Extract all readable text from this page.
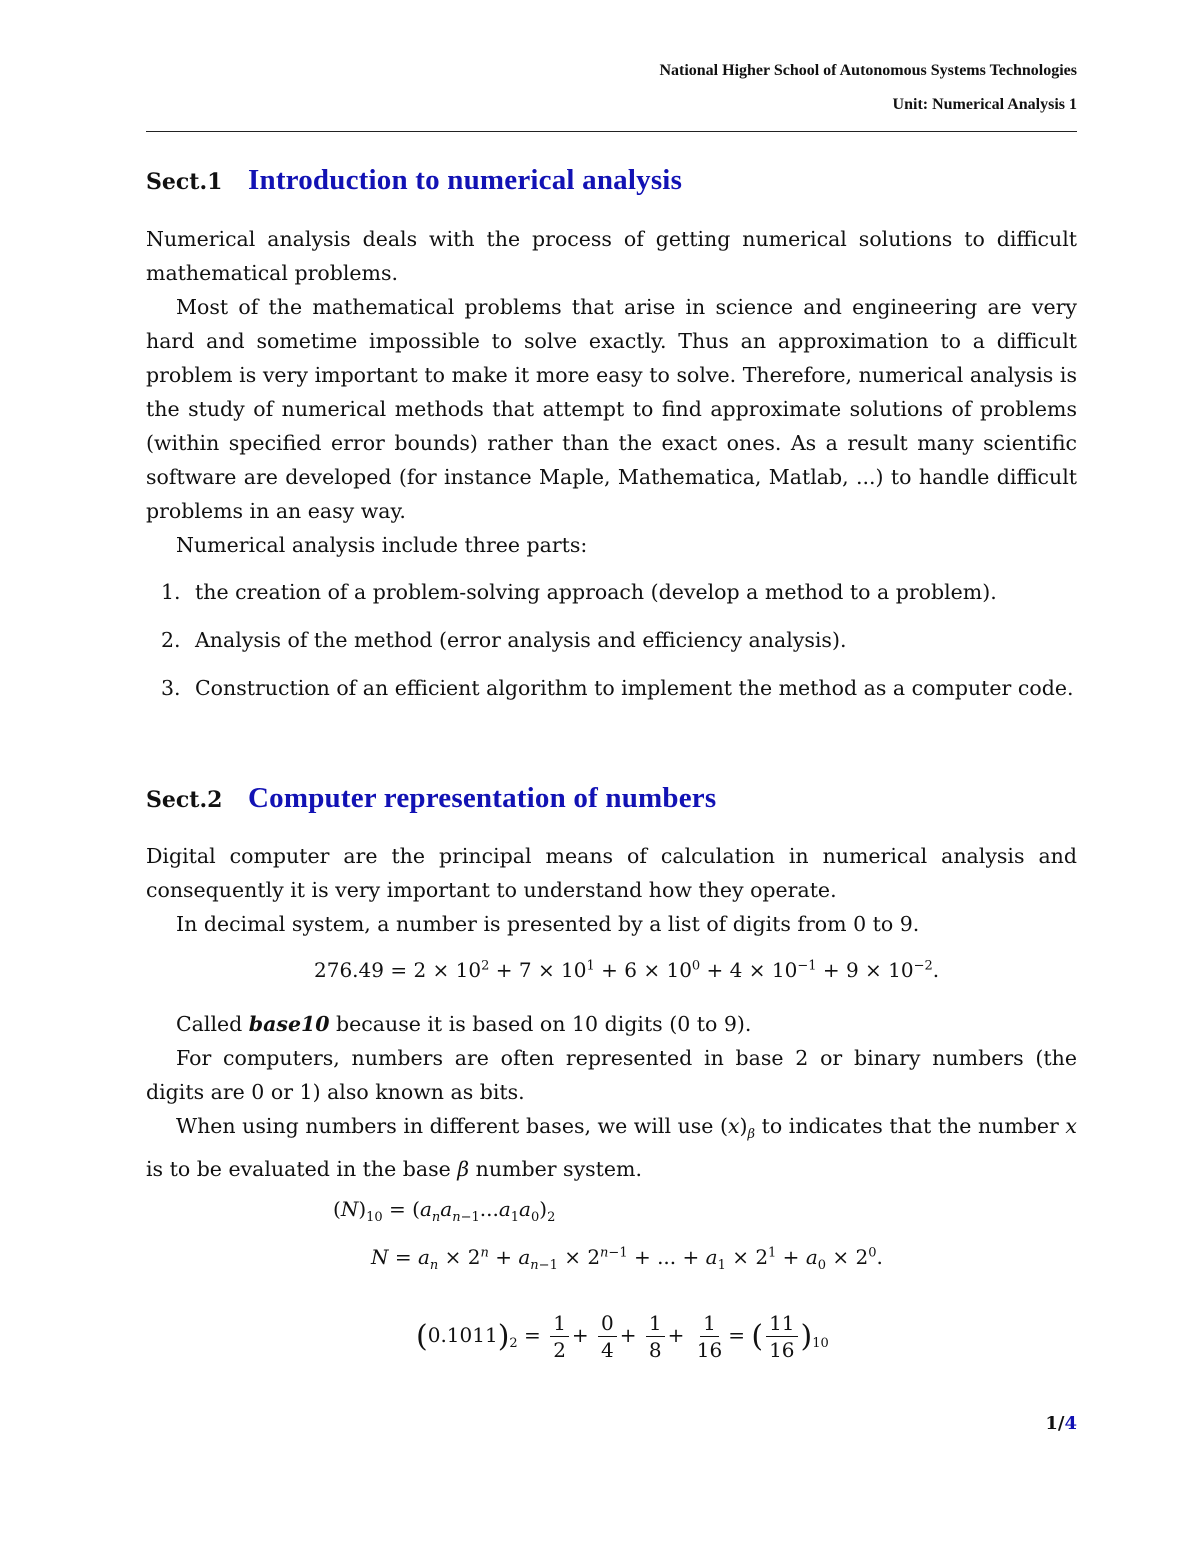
National Higher School of Autonomous Systems Technologies
Unit: Numerical Analysis 1
Sect.1 Introduction to numerical analysis
Numerical analysis deals with the process of getting numerical solutions to difficult mathematical problems.
Most of the mathematical problems that arise in science and engineering are very hard and sometime impossible to solve exactly. Thus an approximation to a difficult problem is very important to make it more easy to solve. Therefore, numerical analysis is the study of numerical methods that attempt to find approximate solutions of problems (within specified error bounds) rather than the exact ones. As a result many scientific software are developed (for instance Maple, Mathematica, Matlab, ...) to handle difficult problems in an easy way.
Numerical analysis include three parts:
1. the creation of a problem-solving approach (develop a method to a problem).
2. Analysis of the method (error analysis and efficiency analysis).
3. Construction of an efficient algorithm to implement the method as a computer code.
Sect.2 Computer representation of numbers
Digital computer are the principal means of calculation in numerical analysis and consequently it is very important to understand how they operate.
In decimal system, a number is presented by a list of digits from 0 to 9.
$276.49 = 2 \times 10^2 + 7 \times 10^1 + 6 \times 10^0 + 4 \times 10^{-1} + 9 \times 10^{-2}$.
Called base10 because it is based on 10 digits (0 to 9).
For computers, numbers are often represented in base 2 or binary numbers (the digits are 0 or 1) also known as bits.
When using numbers in different bases, we will use $(x)_\beta$ to indicates that the number x is to be evaluated in the base β number system.
$(N)_{10} = (a_na_{n-1}...a_1a_0)_2$
$N = a_n \times 2^n + a_{n-1} \times 2^{n-1}$ + ... + $a_1 \times 2^1 + a_0 \times 2^0$.
$(0.1011)_2 = \frac{1}{2} + \frac{0}{4} + \frac{1}{8} + \frac{1}{16}$ = ( $\frac{11}{16} )_{10}$
1/4
